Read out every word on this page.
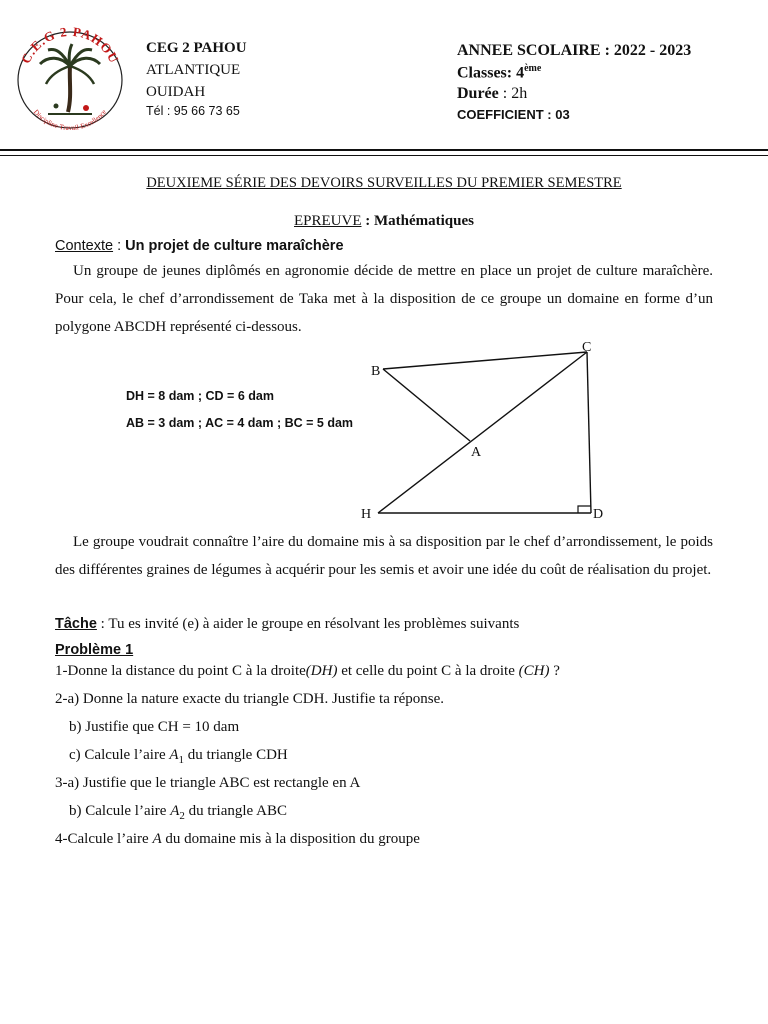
C.E.G 2 PAHOU
Discipline-Travail-Excellence
CEG 2 PAHOU
ATLANTIQUE
OUIDAH
Tél : 95 66 73 65
ANNEE SCOLAIRE : 2022 - 2023
Classes: 4ème
Durée : 2h
COEFFICIENT : 03
DEUXIEME SÉRIE DES DEVOIRS SURVEILLES DU PREMIER SEMESTRE
EPREUVE : Mathématiques
Contexte : Un projet de culture maraîchère
Un groupe de jeunes diplômés en agronomie décide de mettre en place un projet de culture maraîchère. Pour cela, le chef d’arrondissement de Taka met à la disposition de ce groupe un domaine en forme d’un polygone ABCDH représenté ci-dessous.
DH = 8 dam ; CD = 6 dam
AB = 3 dam ; AC = 4 dam ; BC = 5 dam
B
C
A
H	D
Le groupe voudrait connaître l’aire du domaine mis à sa disposition par le chef d’arrondissement, le poids des différentes graines de légumes à acquérir pour les semis et avoir une idée du coût de réalisation du projet.
Tâche : Tu es invité (e) à aider le groupe en résolvant les problèmes suivants
Problème 1
1-Donne la distance du point C à la droite(DH) et celle du point C à la droite (CH) ?
2-a) Donne la nature exacte du triangle CDH. Justifie ta réponse.
b) Justifie que CH = 10 dam
c) Calcule l’aire $A_1$ du triangle CDH
3-a) Justifie que le triangle ABC est rectangle en A
b) Calcule l’aire $A_2$ du triangle ABC
4-Calcule l’aire A du domaine mis à la disposition du groupe
